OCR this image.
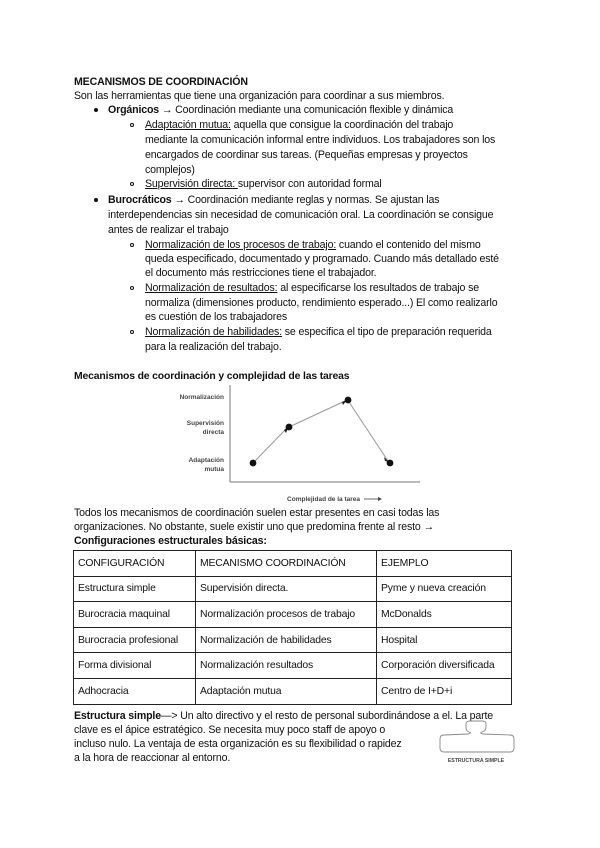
MECANISMOS DE COORDINACIÓN
Son las herramientas que tiene una organización para coordinar a sus miembros.
Orgánicos → Coordinación mediante una comunicación flexible y dinámica
Adaptación mutua: aquella que consigue la coordinación del trabajo
mediante la comunicación informal entre individuos. Los trabajadores son los
encargados de coordinar sus tareas. (Pequeñas empresas y proyectos
complejos)
Supervisión directa: supervisor con autoridad formal
Burocráticos → Coordinación mediante reglas y normas. Se ajustan las
interdependencias sin necesidad de comunicación oral. La coordinación se consigue
antes de realizar el trabajo
Normalización de los procesos de trabajo: cuando el contenido del mismo
queda especificado, documentado y programado. Cuando más detallado esté
el documento más restricciones tiene el trabajador.
Normalización de resultados: al especificarse los resultados de trabajo se
normaliza (dimensiones producto, rendimiento esperado...) El como realizarlo
es cuestión de los trabajadores
Normalización de habilidades: se especifica el tipo de preparación requerida
para la realización del trabajo.
Mecanismos de coordinación y complejidad de las tareas
Normalización
Supervisión
directa
Adaptación
mutua
Complejidad de la tarea
Todos los mecanismos de coordinación suelen estar presentes en casi todas las
organizaciones. No obstante, suele existir uno que predomina frente al resto →
Configuraciones estructurales básicas:
CONFIGURACIÓN	MECANISMO COORDINACIÓN	EJEMPLO
Estructura simple	Supervisión directa.	Pyme y nueva creación
Burocracia maquinal	Normalización procesos de trabajo	McDonalds
Burocracia profesional	Normalización de habilidades	Hospital
Forma divisional	Normalización resultados	Corporación diversificada
Adhocracia	Adaptación mutua	Centro de I+D+i
Estructura simple—> Un alto directivo y el resto de personal subordinándose a el. La parte
clave es el ápice estratégico. Se necesita muy poco staff de apoyo o
incluso nulo. La ventaja de esta organización es su flexibilidad o rapidez
a la hora de reaccionar al entorno.	ESTRUCTURA SIMPLE
